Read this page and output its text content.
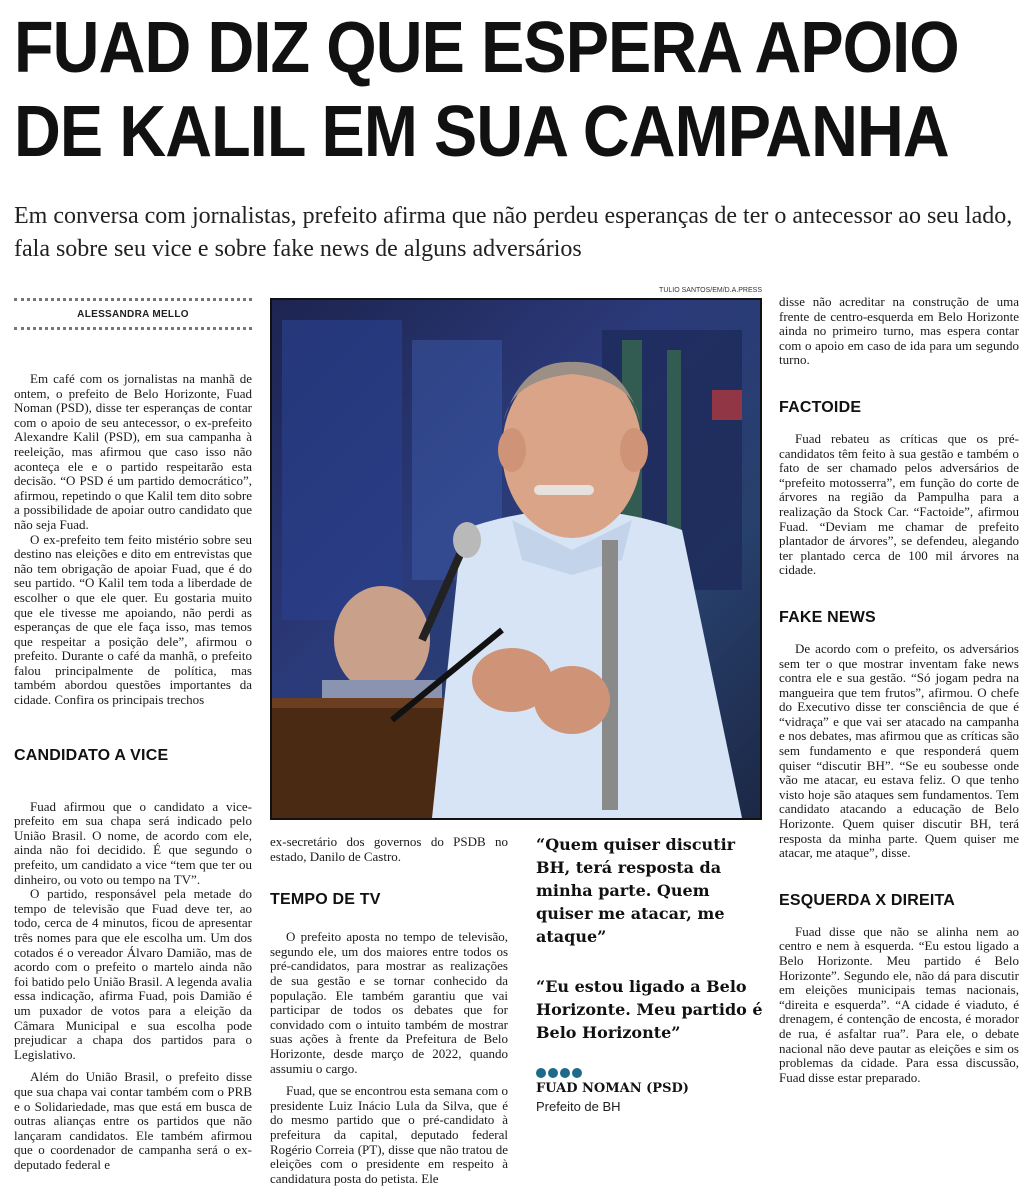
FUAD DIZ QUE ESPERA APOIO
DE KALIL EM SUA CAMPANHA
Em conversa com jornalistas, prefeito afirma que não perdeu esperanças de ter o antecessor ao seu lado, fala sobre seu vice e sobre fake news de alguns adversários
ALESSANDRA MELLO

Em café com os jornalistas na manhã de ontem, o prefeito de Belo Horizonte, Fuad Noman (PSD), disse ter esperanças de contar com o apoio de seu antecessor, o ex-prefeito Alexandre Kalil (PSD), em sua campanha à reeleição, mas afirmou que caso isso não aconteça ele e o partido respeitarão esta decisão. “O PSD é um partido democrático”, afirmou, repetindo o que Kalil tem dito sobre a possibilidade de apoiar outro candidato que não seja Fuad.

O ex-prefeito tem feito mistério sobre seu destino nas eleições e dito em entrevistas que não tem obrigação de apoiar Fuad, que é do seu partido. “O Kalil tem toda a liberdade de escolher o que ele quer. Eu gostaria muito que ele tivesse me apoiando, não perdi as esperanças de que ele faça isso, mas temos que respeitar a posição dele”, afirmou o prefeito. Durante o café da manhã, o prefeito falou principalmente de política, mas também abordou questões importantes da cidade. Confira os principais trechos

CANDIDATO A VICE

Fuad afirmou que o candidato a vice-prefeito em sua chapa será indicado pelo União Brasil. O nome, de acordo com ele, ainda não foi decidido. É que segundo o prefeito, um candidato a vice “tem que ter ou dinheiro, ou voto ou tempo na TV”.

O partido, responsável pela metade do tempo de televisão que Fuad deve ter, ao todo, cerca de 4 minutos, ficou de apresentar três nomes para que ele escolha um. Um dos cotados é o vereador Álvaro Damião, mas de acordo com o prefeito o martelo ainda não foi batido pelo União Brasil. A legenda avalia essa indicação, afirma Fuad, pois Damião é um puxador de votos para a eleição da Câmara Municipal e sua escolha pode prejudicar a chapa dos partidos para o Legislativo.

Além do União Brasil, o prefeito disse que sua chapa vai contar também com o PRB e o Solidariedade, mas que está em busca de outras alianças entre os partidos que não lançaram candidatos. Ele também afirmou que o coordenador de campanha será o ex-deputado federal e

TULIO SANTOS/EM/D.A.PRESS
ex-secretário dos governos do PSDB no estado, Danilo de Castro.
TEMPO DE TV

O prefeito aposta no tempo de televisão, segundo ele, um dos maiores entre todos os pré-candidatos, para mostrar as realizações de sua gestão e se tornar conhecido da população. Ele também garantiu que vai participar de todos os debates que for convidado com o intuito também de mostrar suas ações à frente da Prefeitura de Belo Horizonte, desde março de 2022, quando assumiu o cargo.

Fuad, que se encontrou esta semana com o presidente Luiz Inácio Lula da Silva, que é do mesmo partido que o pré-candidato à prefeitura da capital, deputado federal Rogério Correia (PT), disse que não tratou de eleições com o presidente em respeito à candidatura posta do petista. Ele

“Quem quiser discutir BH, terá resposta da minha parte. Quem quiser me atacar, me ataque”
“Eu estou ligado a Belo Horizonte. Meu partido é Belo Horizonte”
FUAD NOMAN (PSD)
Prefeito de BH
disse não acreditar na construção de uma frente de centro-esquerda em Belo Horizonte ainda no primeiro turno, mas espera contar com o apoio em caso de ida para um segundo turno.
FACTOIDE

Fuad rebateu as críticas que os pré-candidatos têm feito à sua gestão e também o fato de ser chamado pelos adversários de “prefeito motosserra”, em função do corte de árvores na região da Pampulha para a realização da Stock Car. “Factoide”, afirmou Fuad. “Deviam me chamar de prefeito plantador de árvores”, se defendeu, alegando ter plantado cerca de 100 mil árvores na cidade.

FAKE NEWS

De acordo com o prefeito, os adversários sem ter o que mostrar inventam fake news contra ele e sua gestão. “Só jogam pedra na mangueira que tem frutos”, afirmou. O chefe do Executivo disse ter consciência de que é “vidraça” e que vai ser atacado na campanha e nos debates, mas afirmou que as críticas são sem fundamento e que responderá quem quiser “discutir BH”. “Se eu soubesse onde vão me atacar, eu estava feliz. O que tenho visto hoje são ataques sem fundamentos. Tem candidato atacando a educação de Belo Horizonte. Quem quiser discutir BH, terá resposta da minha parte. Quem quiser me atacar, me ataque”, disse.

ESQUERDA X DIREITA

Fuad disse que não se alinha nem ao centro e nem à esquerda. “Eu estou ligado a Belo Horizonte. Meu partido é Belo Horizonte”. Segundo ele, não dá para discutir em eleições municipais temas nacionais, “direita e esquerda”. “A cidade é viaduto, é drenagem, é contenção de encosta, é morador de rua, é asfaltar rua”. Para ele, o debate nacional não deve pautar as eleições e sim os problemas da cidade. Para essa discussão, Fuad disse estar preparado.
